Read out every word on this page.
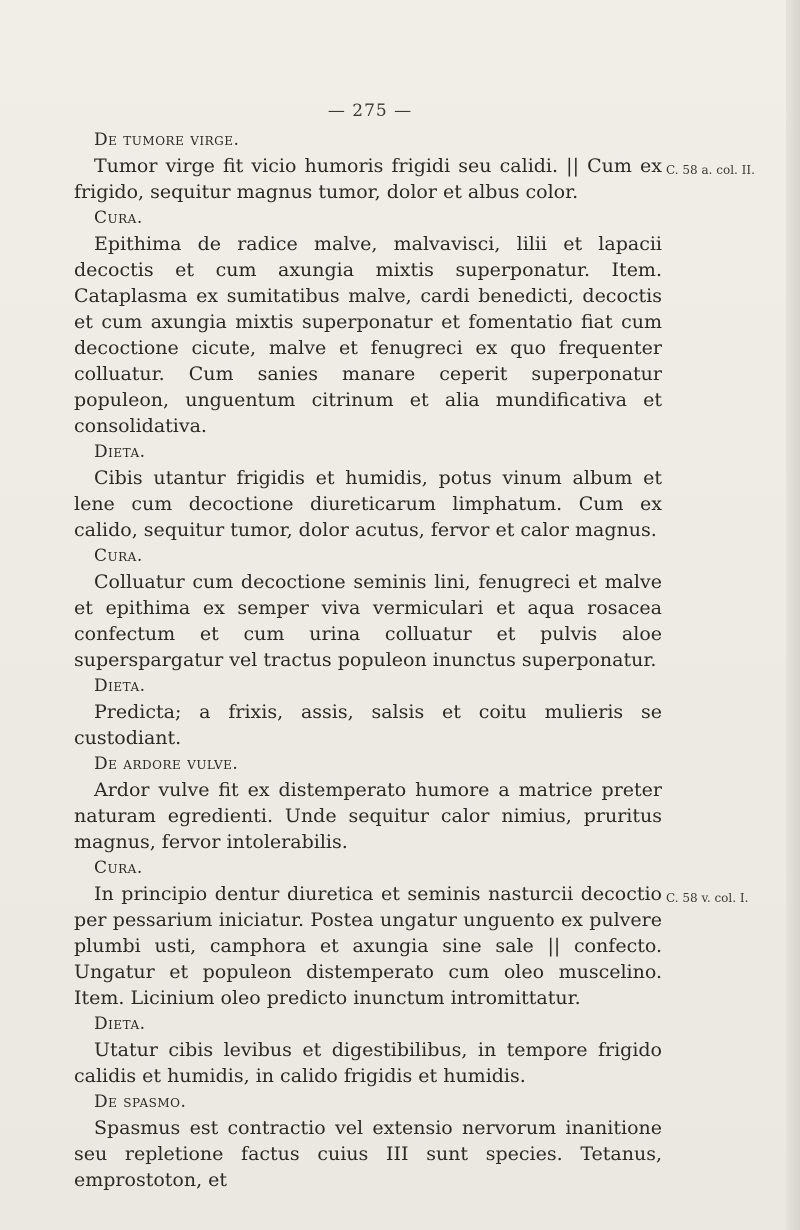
— 275 —

De tumore virge.

Tumor virge fit vicio humoris frigidi seu calidi. || Cum ex frigido, sequitur magnus tumor, dolor et albus color.

Cura.

Epithima de radice malve, malvavisci, lilii et lapacii decoctis et cum axungia mixtis superponatur. Item. Cataplasma ex sumitatibus malve, cardi benedicti, decoctis et cum axungia mixtis superponatur et fomentatio fiat cum decoctione cicute, malve et fenugreci ex quo frequenter colluatur. Cum sanies manare ceperit superponatur populeon, unguentum citrinum et alia mundificativa et consolidativa.

Dieta.

Cibis utantur frigidis et humidis, potus vinum album et lene cum decoctione diureticarum limphatum. Cum ex calido, sequitur tumor, dolor acutus, fervor et calor magnus.

Cura.

Colluatur cum decoctione seminis lini, fenugreci et malve et epithima ex semper viva vermiculari et aqua rosacea confectum et cum urina colluatur et pulvis aloe superspargatur vel tractus populeon inunctus superponatur.

Dieta.

Predicta; a frixis, assis, salsis et coitu mulieris se custodiant.

De ardore vulve.

Ardor vulve fit ex distemperato humore a matrice preter naturam egredienti. Unde sequitur calor nimius, pruritus magnus, fervor intolerabilis.

Cura.

In principio dentur diuretica et seminis nasturcii decoctio per pessarium iniciatur. Postea ungatur unguento ex pulvere plumbi usti, camphora et axungia sine sale || confecto. Ungatur et populeon distemperato cum oleo muscelino. Item. Licinium oleo predicto inunctum intromittatur.

Dieta.

Utatur cibis levibus et digestibilibus, in tempore frigido calidis et humidis, in calido frigidis et humidis.

De spasmo.

Spasmus est contractio vel extensio nervorum inanitione seu repletione factus cuius III sunt species. Tetanus, emprostoton, et

C. 58 a. col. II.
C. 58 v. col. I.
